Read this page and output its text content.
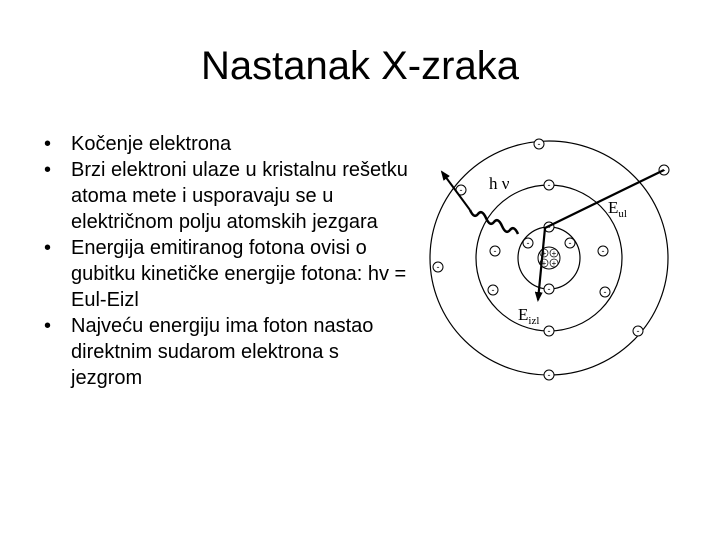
Nastanak X-zraka
• Kočenje elektrona
• Brzi elektroni ulaze u kristalnu rešetku atoma mete i usporavaju se u električnom polju atomskih jezgara
• Energija emitiranog fotona ovisi o gubitku kinetičke energije fotona: hv = Eul-Eizl
• Najveću energiju ima foton nastao direktnim sudarom elektrona s jezgrom
+ +
+ +
-
-	-
-
-
-	-
-
-	-
-
-
-
-
-
-
h ν
$E_{ul}$
$E_{izl}$
